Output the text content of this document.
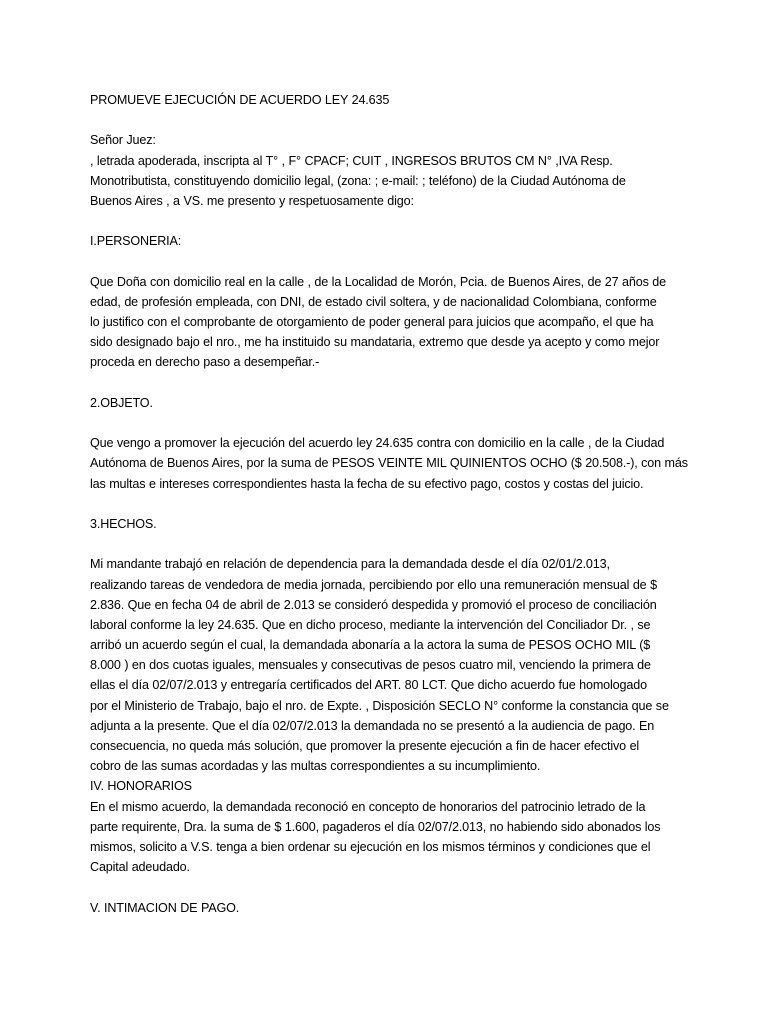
PROMUEVE EJECUCIÓN DE ACUERDO LEY 24.635
Señor Juez:
, letrada apoderada, inscripta al T° , F° CPACF; CUIT , INGRESOS BRUTOS CM N° ,IVA Resp.
Monotributista, constituyendo domicilio legal, (zona: ; e-mail: ; teléfono) de la Ciudad Autónoma de
Buenos Aires , a VS. me presento y respetuosamente digo:
I.PERSONERIA:
Que Doña con domicilio real en la calle , de la Localidad de Morón, Pcia. de Buenos Aires, de 27 años de
edad, de profesión empleada, con DNI, de estado civil soltera, y de nacionalidad Colombiana, conforme
lo justifico con el comprobante de otorgamiento de poder general para juicios que acompaño, el que ha
sido designado bajo el nro., me ha instituido su mandataria, extremo que desde ya acepto y como mejor
proceda en derecho paso a desempeñar.-
2.OBJETO.
Que vengo a promover la ejecución del acuerdo ley 24.635 contra con domicilio en la calle , de la Ciudad
Autónoma de Buenos Aires, por la suma de PESOS VEINTE MIL QUINIENTOS OCHO ($ 20.508.-), con más
las multas e intereses correspondientes hasta la fecha de su efectivo pago, costos y costas del juicio.
3.HECHOS.
Mi mandante trabajó en relación de dependencia para la demandada desde el día 02/01/2.013,
realizando tareas de vendedora de media jornada, percibiendo por ello una remuneración mensual de $
2.836. Que en fecha 04 de abril de 2.013 se consideró despedida y promovió el proceso de conciliación
laboral conforme la ley 24.635. Que en dicho proceso, mediante la intervención del Conciliador Dr. , se
arribó un acuerdo según el cual, la demandada abonaría a la actora la suma de PESOS OCHO MIL ($
8.000 ) en dos cuotas iguales, mensuales y consecutivas de pesos cuatro mil, venciendo la primera de
ellas el día 02/07/2.013 y entregaría certificados del ART. 80 LCT. Que dicho acuerdo fue homologado
por el Ministerio de Trabajo, bajo el nro. de Expte. , Disposición SECLO N° conforme la constancia que se
adjunta a la presente. Que el día 02/07/2.013 la demandada no se presentó a la audiencia de pago. En
consecuencia, no queda más solución, que promover la presente ejecución a fin de hacer efectivo el
cobro de las sumas acordadas y las multas correspondientes a su incumplimiento.
IV. HONORARIOS
En el mismo acuerdo, la demandada reconoció en concepto de honorarios del patrocinio letrado de la
parte requirente, Dra. la suma de $ 1.600, pagaderos el día 02/07/2.013, no habiendo sido abonados los
mismos, solicito a V.S. tenga a bien ordenar su ejecución en los mismos términos y condiciones que el
Capital adeudado.
V. INTIMACION DE PAGO.
